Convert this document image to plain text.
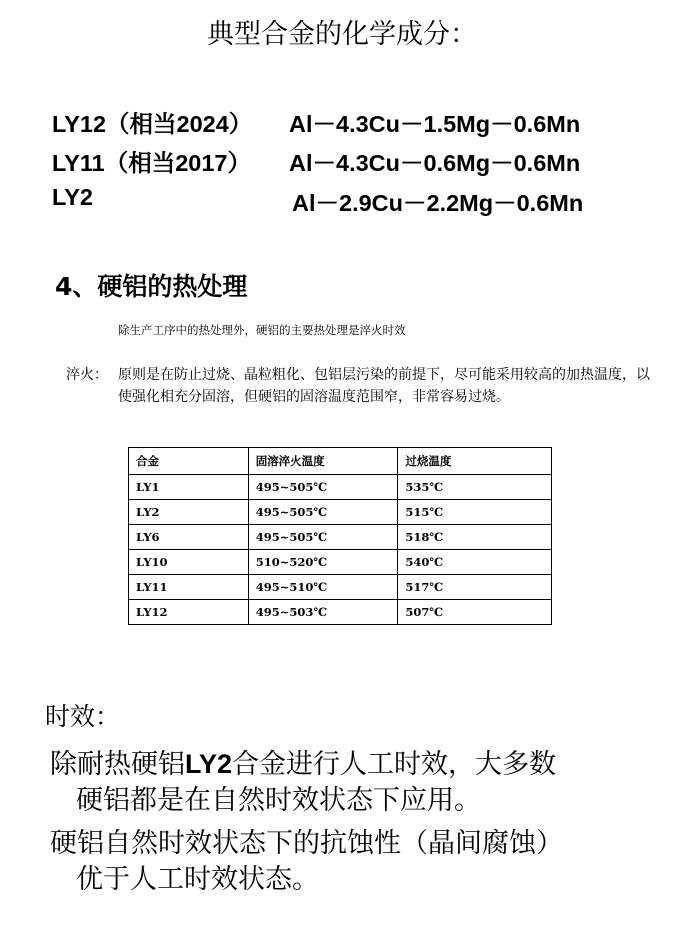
典型合金的化学成分：
LY12（相当2024） Al－4.3Cu－1.5Mg－0.6Mn
LY11（相当2017） Al－4.3Cu－0.6Mg－0.6Mn
LY2	Al－2.9Cu－2.2Mg－0.6Mn
4、硬铝的热处理
除生产工序中的热处理外，硬铝的主要热处理是淬火时效
淬火： 原则是在防止过烧、晶粒粗化、包铝层污染的前提下，尽可能采用较高的加热温度，以使强化相充分固溶，但硬铝的固溶温度范围窄，非常容易过烧。
合金	固溶淬火温度	过烧温度
LY1	495~505℃	535℃
LY2	495~505℃	515℃
LY6	495~505℃	518℃
LY10	510~520℃	540℃
LY11	495~510℃	517℃
LY12	495~503℃	507℃
时效：
除耐热硬铝LY2合金进行人工时效，大多数
硬铝都是在自然时效状态下应用。
硬铝自然时效状态下的抗蚀性（晶间腐蚀）
优于人工时效状态。
